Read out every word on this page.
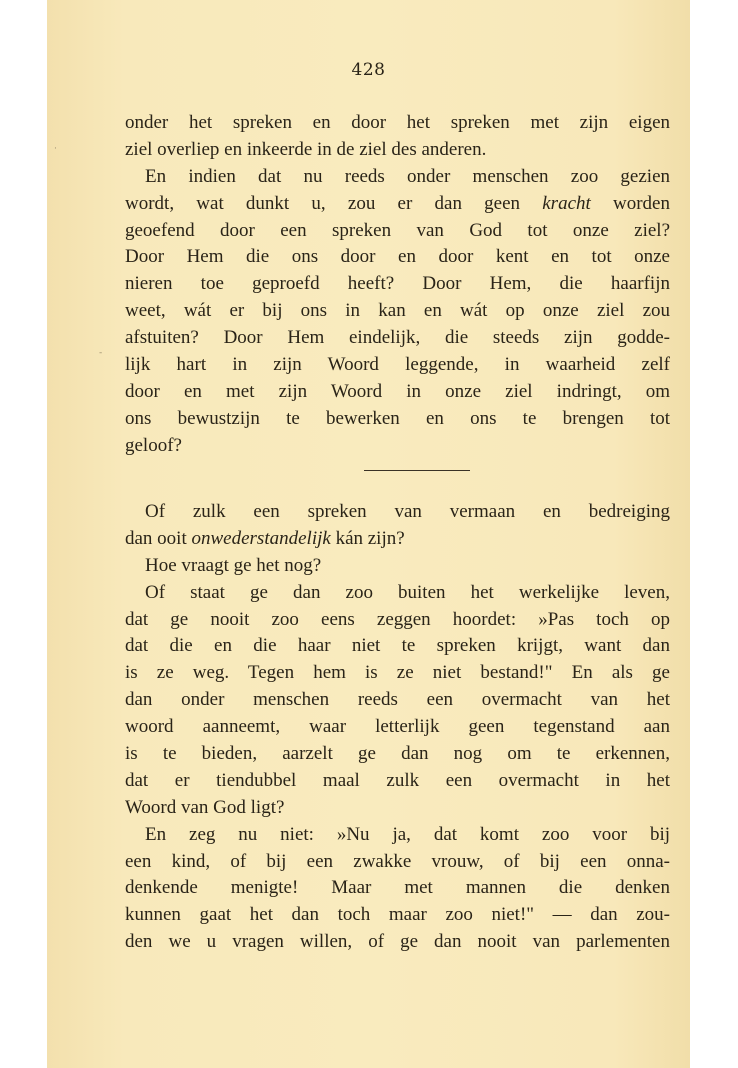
428
onder het spreken en door het spreken met zijn eigen
ziel overliep en inkeerde in de ziel des anderen.
En indien dat nu reeds onder menschen zoo gezien
wordt, wat dunkt u, zou er dan geen kracht worden
geoefend door een spreken van God tot onze ziel?
Door Hem die ons door en door kent en tot onze
nieren toe geproefd heeft? Door Hem, die haarfijn
weet, wát er bij ons in kan en wát op onze ziel zou
afstuiten? Door Hem eindelijk, die steeds zijn godde-
lijk hart in zijn Woord leggende, in waarheid zelf
door en met zijn Woord in onze ziel indringt, om
ons bewustzijn te bewerken en ons te brengen tot
geloof?
Of zulk een spreken van vermaan en bedreiging
dan ooit onwederstandelijk kán zijn?
Hoe vraagt ge het nog?
Of staat ge dan zoo buiten het werkelijke leven,
dat ge nooit zoo eens zeggen hoordet: »Pas toch op
dat die en die haar niet te spreken krijgt, want dan
is ze weg. Tegen hem is ze niet bestand!" En als ge
dan onder menschen reeds een overmacht van het
woord aanneemt, waar letterlijk geen tegenstand aan
is te bieden, aarzelt ge dan nog om te erkennen,
dat er tiendubbel maal zulk een overmacht in het
Woord van God ligt?
En zeg nu niet: »Nu ja, dat komt zoo voor bij
een kind, of bij een zwakke vrouw, of bij een onna-
denkende menigte! Maar met mannen die denken
kunnen gaat het dan toch maar zoo niet!" — dan zou-
den we u vragen willen, of ge dan nooit van parlementen
·
‐
